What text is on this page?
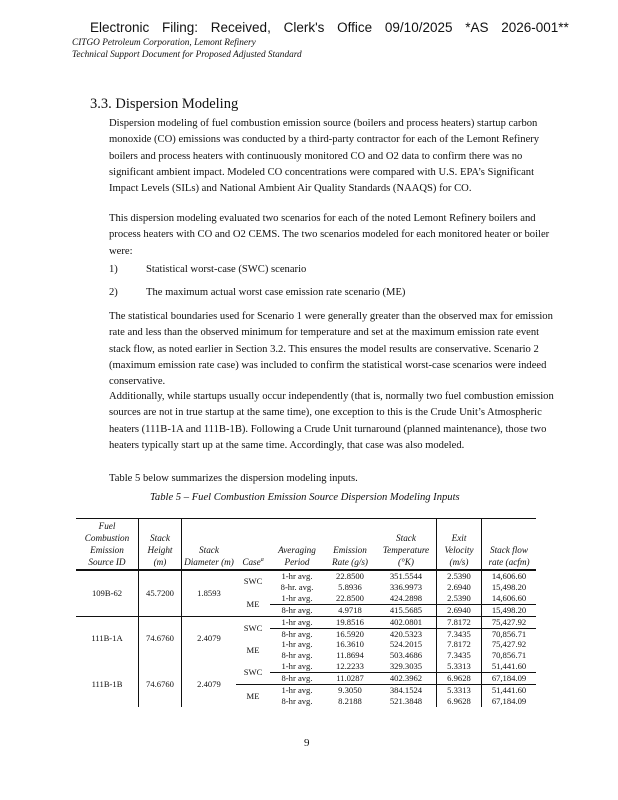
Electronic Filing: Received, Clerk's Office 09/10/2025 *AS 2026-001**
CITGO Petroleum Corporation, Lemont Refinery
Technical Support Document for Proposed Adjusted Standard
3.3. Dispersion Modeling
Dispersion modeling of fuel combustion emission source (boilers and process heaters) startup carbon monoxide (CO) emissions was conducted by a third-party contractor for each of the Lemont Refinery boilers and process heaters with continuously monitored CO and O2 data to confirm there was no significant ambient impact. Modeled CO concentrations were compared with U.S. EPA’s Significant Impact Levels (SILs) and National Ambient Air Quality Standards (NAAQS) for CO.
This dispersion modeling evaluated two scenarios for each of the noted Lemont Refinery boilers and process heaters with CO and O2 CEMS. The two scenarios modeled for each monitored heater or boiler were:
1)	Statistical worst-case (SWC) scenario
2)	The maximum actual worst case emission rate scenario (ME)
The statistical boundaries used for Scenario 1 were generally greater than the observed max for emission rate and less than the observed minimum for temperature and set at the maximum emission rate event stack flow, as noted earlier in Section 3.2. This ensures the model results are conservative. Scenario 2 (maximum emission rate case) was included to confirm the statistical worst-case scenarios were indeed conservative.
Additionally, while startups usually occur independently (that is, normally two fuel combustion emission sources are not in true startup at the same time), one exception to this is the Crude Unit’s Atmospheric heaters (111B-1A and 111B-1B). Following a Crude Unit turnaround (planned maintenance), those two heaters typically start up at the same time. Accordingly, that case was also modeled.
Table 5 below summarizes the dispersion modeling inputs.
Table 5 – Fuel Combustion Emission Source Dispersion Modeling Inputs
Fuel Combustion Emission Source ID	Stack Height (m)	Stack Diameter (m)	Case$^a$	Averaging Period	Emission Rate (g/s)	Stack Temperature (°K)	Exit Velocity (m/s)	Stack flow rate (acfm)
109B-62	45.7200	1.8593	SWC	1-hr avg.	22.8500	351.5544	2.5390	14,606.60
				8-hr. avg.	5.8936	336.9973	2.6940	15,498.20
			ME	1-hr avg.	22.8500	424.2898	2.5390	14,606.60
				8-hr avg.	4.9718	415.5685	2.6940	15,498.20
111B-1A	74.6760	2.4079	SWC	1-hr avg.	19.8516	402.0801	7.8172	75,427.92
				8-hr avg.	16.5920	420.5323	7.3435	70,856.71
			ME	1-hr avg.	16.3610	524.2015	7.8172	75,427.92
				8-hr avg.	11.8694	503.4686	7.3435	70,856.71
111B-1B	74.6760	2.4079	SWC	1-hr avg.	12.2233	329.3035	5.3313	51,441.60
				8-hr avg.	11.0287	402.3962	6.9628	67,184.09
			ME	1-hr avg.	9.3050	384.1524	5.3313	51,441.60
				8-hr avg.	8.2188	521.3848	6.9628	67,184.09
9
